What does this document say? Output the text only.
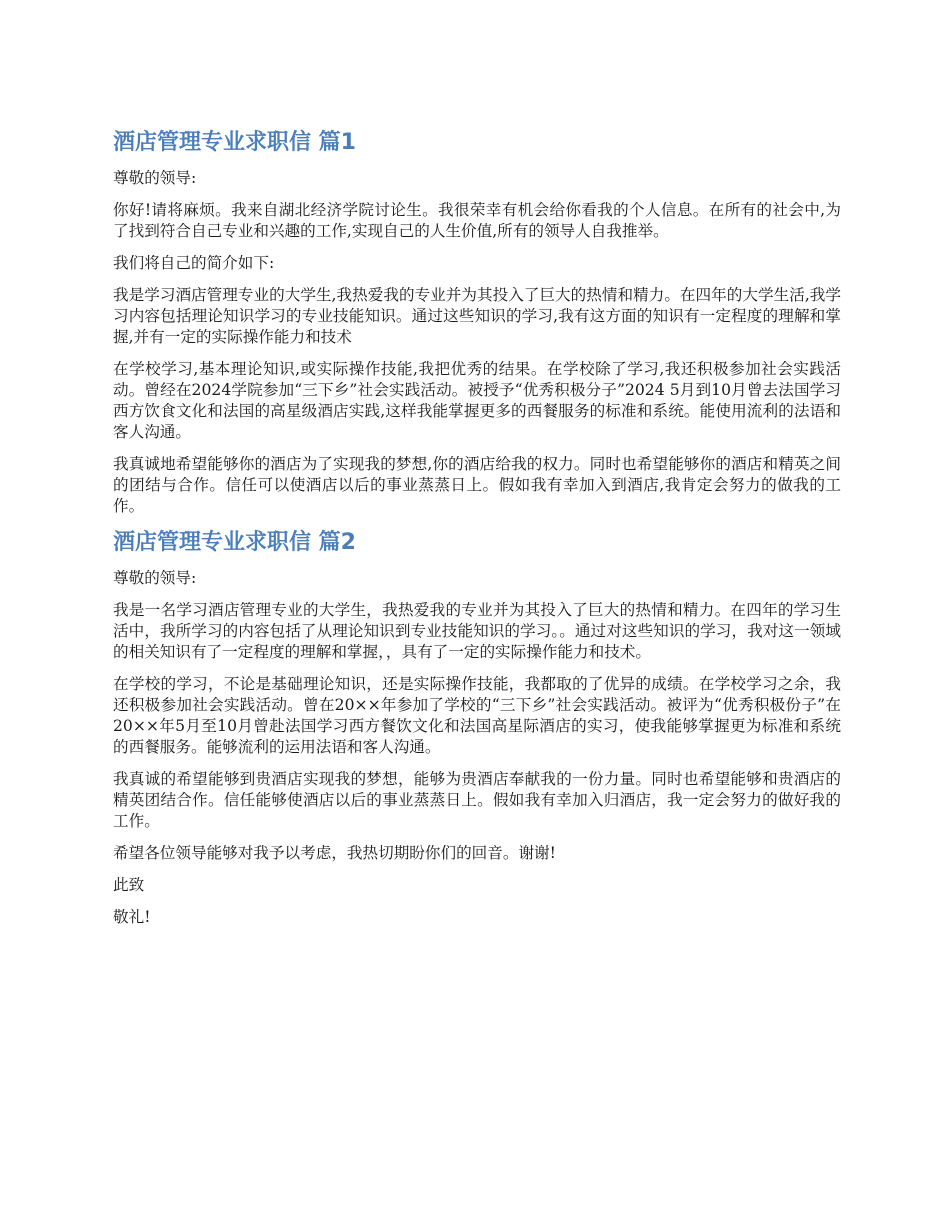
酒店管理专业求职信 篇1

尊敬的领导:

你好!请将麻烦。我来自湖北经济学院讨论生。我很荣幸有机会给你看我的个人信息。在所有的社会中,为了找到符合自己专业和兴趣的工作,实现自己的人生价值,所有的领导人自我推举。

我们将自己的简介如下:

我是学习酒店管理专业的大学生,我热爱我的专业并为其投入了巨大的热情和精力。在四年的大学生活,我学习内容包括理论知识学习的专业技能知识。通过这些知识的学习,我有这方面的知识有一定程度的理解和掌握,并有一定的实际操作能力和技术

在学校学习,基本理论知识,或实际操作技能,我把优秀的结果。在学校除了学习,我还积极参加社会实践活动。曾经在2024学院参加“三下乡”社会实践活动。被授予“优秀积极分子”2024 5月到10月曾去法国学习西方饮食文化和法国的高星级酒店实践,这样我能掌握更多的西餐服务的标准和系统。能使用流利的法语和客人沟通。

我真诚地希望能够你的酒店为了实现我的梦想,你的酒店给我的权力。同时也希望能够你的酒店和精英之间的团结与合作。信任可以使酒店以后的事业蒸蒸日上。假如我有幸加入到酒店,我肯定会努力的做我的工作。

酒店管理专业求职信 篇2

尊敬的领导:

我是一名学习酒店管理专业的大学生，我热爱我的专业并为其投入了巨大的热情和精力。在四年的学习生活中，我所学习的内容包括了从理论知识到专业技能知识的学习。。通过对这些知识的学习，我对这一领域的相关知识有了一定程度的理解和掌握，，具有了一定的实际操作能力和技术。

在学校的学习，不论是基础理论知识，还是实际操作技能，我都取的了优异的成绩。在学校学习之余，我还积极参加社会实践活动。曾在20××年参加了学校的“三下乡”社会实践活动。被评为“优秀积极份子”在20××年5月至10月曾赴法国学习西方餐饮文化和法国高星际酒店的实习，使我能够掌握更为标准和系统的西餐服务。能够流利的运用法语和客人沟通。

我真诚的希望能够到贵酒店实现我的梦想，能够为贵酒店奉献我的一份力量。同时也希望能够和贵酒店的精英团结合作。信任能够使酒店以后的事业蒸蒸日上。假如我有幸加入归酒店，我一定会努力的做好我的工作。

希望各位领导能够对我予以考虑，我热切期盼你们的回音。谢谢!

此致

敬礼!
